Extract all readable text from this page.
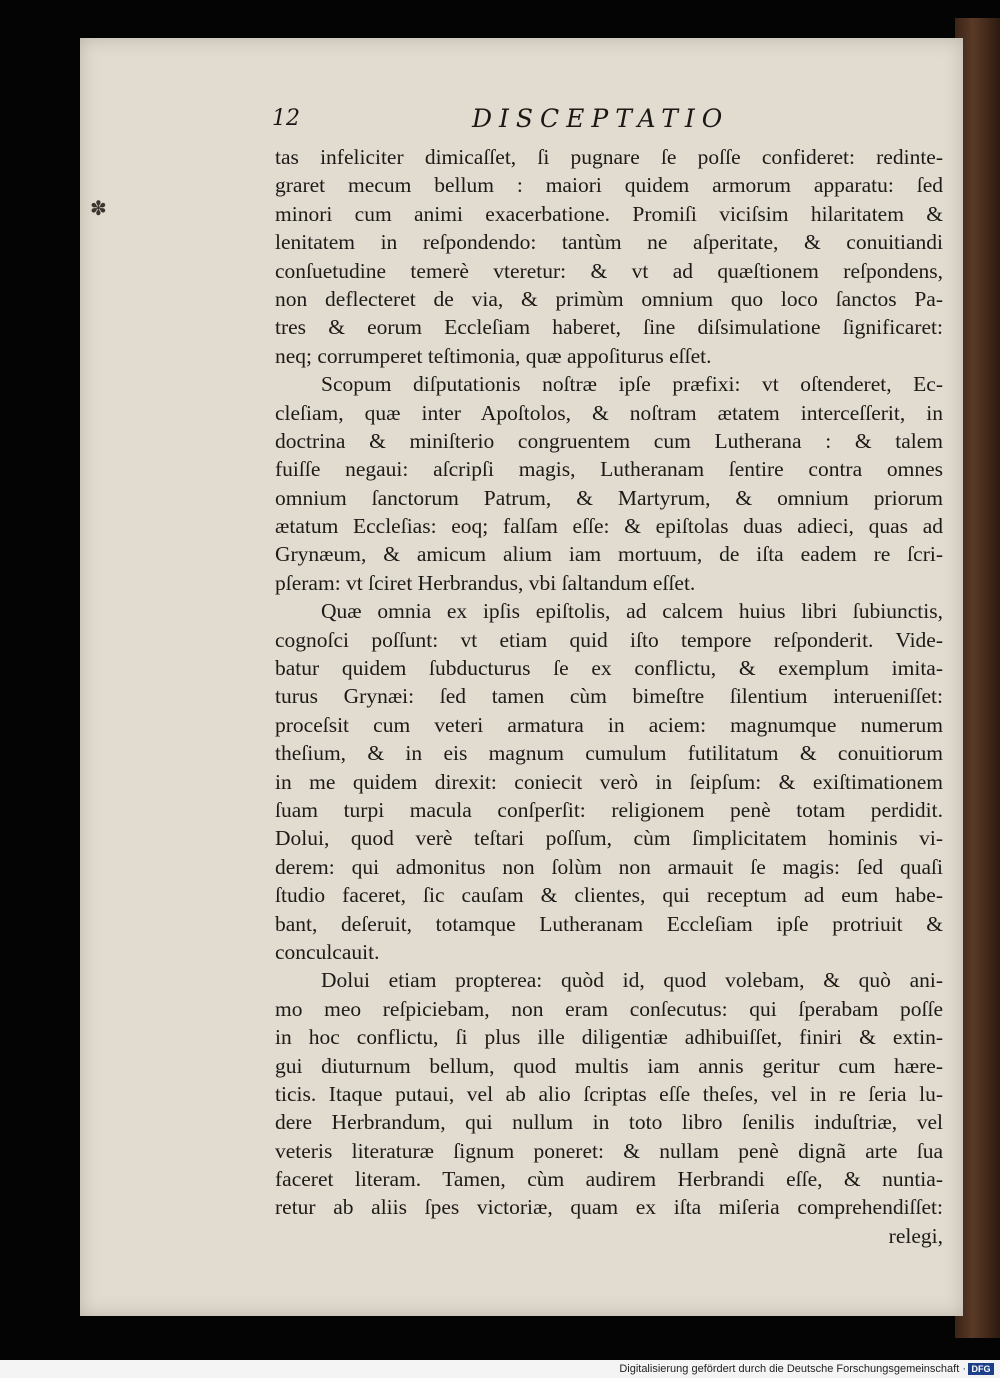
✽
12	DISCEPTATIO
tas infeliciter dimicaſſet, ſi pugnare ſe poſſe confideret: redinte-
graret mecum bellum : maiori quidem armorum apparatu: ſed
minori cum animi exacerbatione. Promiſi viciſsim hilaritatem &
lenitatem in reſpondendo: tantùm ne aſperitate, & conuitiandi
conſuetudine temerè vteretur: & vt ad quæſtionem reſpondens,
non deflecteret de via, & primùm omnium quo loco ſanctos Pa-
tres & eorum Eccleſiam haberet, ſine diſsimulatione ſignificaret:
neq; corrumperet teſtimonia, quæ appoſiturus eſſet.
Scopum diſputationis noſtræ ipſe præfixi: vt oſtenderet, Ec-
cleſiam, quæ inter Apoſtolos, & noſtram ætatem interceſſerit, in
doctrina & miniſterio congruentem cum Lutherana : & talem
fuiſſe negaui: aſcripſi magis, Lutheranam ſentire contra omnes
omnium ſanctorum Patrum, & Martyrum, & omnium priorum
ætatum Eccleſias: eoq; falſam eſſe: & epiſtolas duas adieci, quas ad
Grynæum, & amicum alium iam mortuum, de iſta eadem re ſcri-
pſeram: vt ſciret Herbrandus, vbi ſaltandum eſſet.
Quæ omnia ex ipſis epiſtolis, ad calcem huius libri ſubiunctis,
cognoſci poſſunt: vt etiam quid iſto tempore reſponderit. Vide-
batur quidem ſubducturus ſe ex conflictu, & exemplum imita-
turus Grynæi: ſed tamen cùm bimeſtre ſilentium interueniſſet:
proceſsit cum veteri armatura in aciem: magnumque numerum
theſium, & in eis magnum cumulum futilitatum & conuitiorum
in me quidem direxit: coniecit verò in ſeipſum: & exiſtimationem
ſuam turpi macula conſperſit: religionem penè totam perdidit.
Dolui, quod verè teſtari poſſum, cùm ſimplicitatem hominis vi-
derem: qui admonitus non ſolùm non armauit ſe magis: ſed quaſi
ſtudio faceret, ſic cauſam & clientes, qui receptum ad eum habe-
bant, deſeruit, totamque Lutheranam Eccleſiam ipſe protriuit &
conculcauit.
Dolui etiam propterea: quòd id, quod volebam, & quò ani-
mo meo reſpiciebam, non eram conſecutus: qui ſperabam poſſe
in hoc conflictu, ſi plus ille diligentiæ adhibuiſſet, finiri & extin-
gui diuturnum bellum, quod multis iam annis geritur cum hære-
ticis. Itaque putaui, vel ab alio ſcriptas eſſe theſes, vel in re ſeria lu-
dere Herbrandum, qui nullum in toto libro ſenilis induſtriæ, vel
veteris literaturæ ſignum poneret: & nullam penè dignã arte ſua
faceret literam. Tamen, cùm audirem Herbrandi eſſe, & nuntia-
retur ab aliis ſpes victoriæ, quam ex iſta miſeria comprehendiſſet:
relegi,
Digitalisierung gefördert durch die Deutsche Forschungsgemeinschaft · DFG
